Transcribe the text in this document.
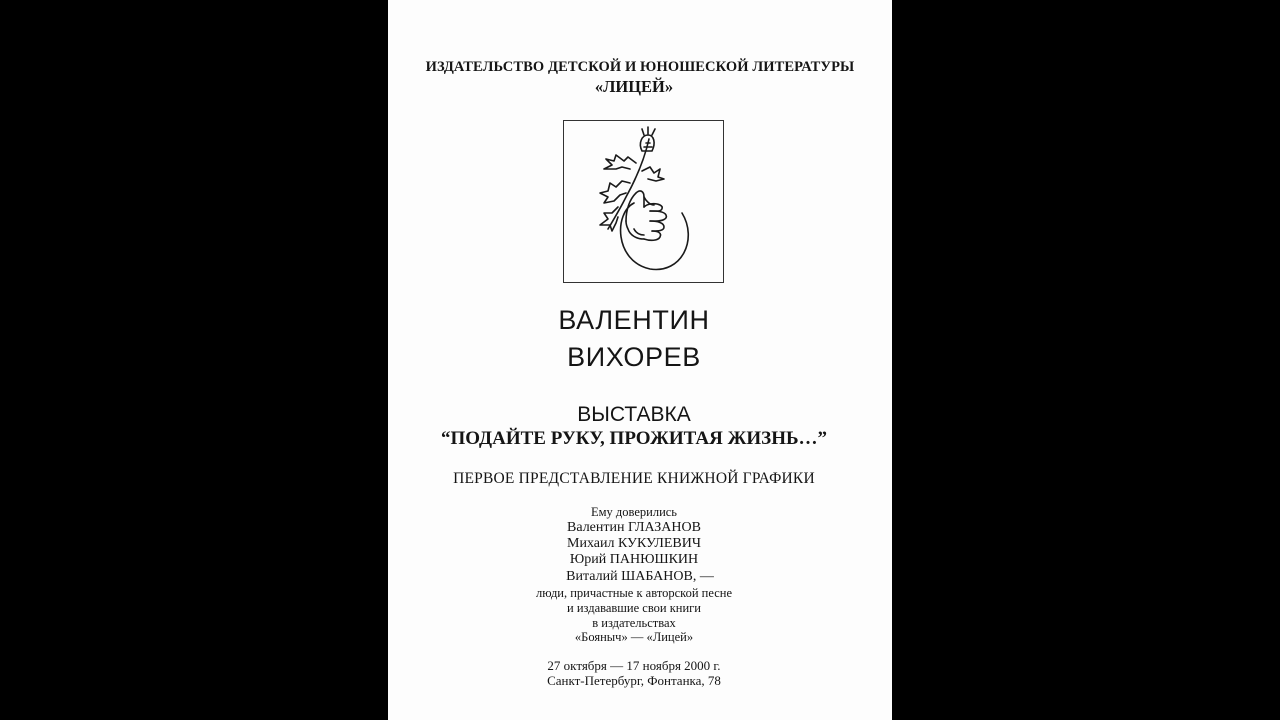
ИЗДАТЕЛЬСТВО ДЕТСКОЙ И ЮНОШЕСКОЙ ЛИТЕРАТУРЫ
«ЛИЦЕЙ»
ВАЛЕНТИН
ВИХОРЕВ
ВЫСТАВКА
“ПОДАЙТЕ РУКУ, ПРОЖИТАЯ ЖИЗНЬ…”
ПЕРВОЕ ПРЕДСТАВЛЕНИЕ КНИЖНОЙ ГРАФИКИ
Ему доверились
Валентин ГЛАЗАНОВ
Михаил КУКУЛЕВИЧ
Юрий ПАНЮШКИН
Виталий ШАБАНОВ, —
люди, причастные к авторской песне
и издававшие свои книги
в издательствах
«Бояныч» — «Лицей»
27 октября — 17 ноября 2000 г.
Санкт-Петербург, Фонтанка, 78
